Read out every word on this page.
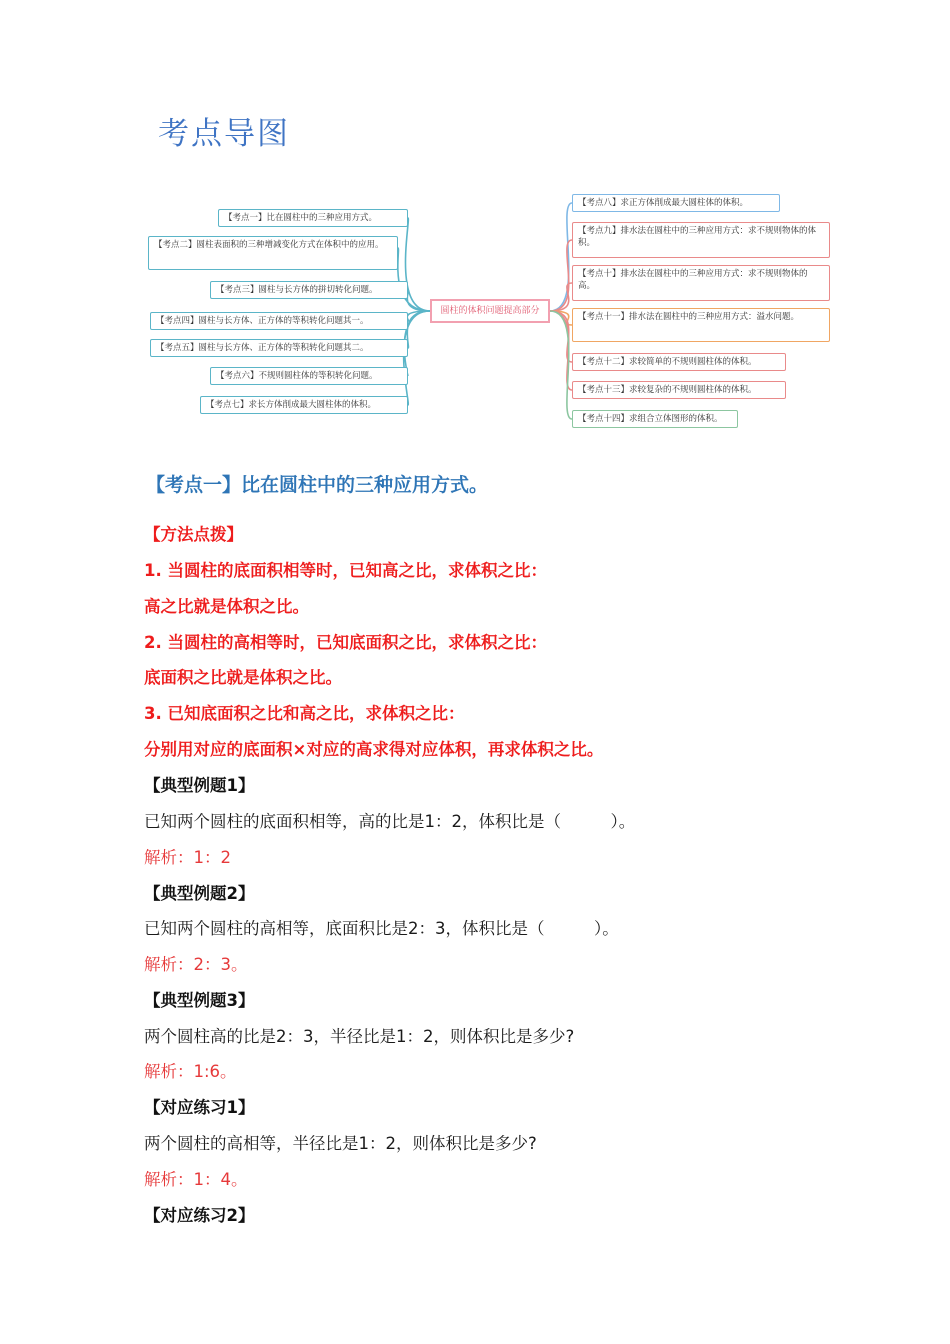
考点导图
圆柱的体积问题提高部分
【考点一】比在圆柱中的三种应用方式。
【考点二】圆柱表面积的三种增减变化方式在体积中的应用。
【考点三】圆柱与长方体的拼切转化问题。
【考点四】圆柱与长方体、正方体的等积转化问题其一。
【考点五】圆柱与长方体、正方体的等积转化问题其二。
【考点六】不规则圆柱体的等积转化问题。
【考点七】求长方体削成最大圆柱体的体积。
【考点八】求正方体削成最大圆柱体的体积。
【考点九】排水法在圆柱中的三种应用方式：求不规则物体的体积。
【考点十】排水法在圆柱中的三种应用方式：求不规则物体的高。
【考点十一】排水法在圆柱中的三种应用方式：溢水问题。
【考点十二】求较简单的不规则圆柱体的体积。
【考点十三】求较复杂的不规则圆柱体的体积。
【考点十四】求组合立体图形的体积。
【考点一】比在圆柱中的三种应用方式。
【方法点拨】
1. 当圆柱的底面积相等时，已知高之比，求体积之比：
高之比就是体积之比。
2. 当圆柱的高相等时，已知底面积之比，求体积之比：
底面积之比就是体积之比。
3. 已知底面积之比和高之比，求体积之比：
分别用对应的底面积×对应的高求得对应体积，再求体积之比。
【典型例题1】
已知两个圆柱的底面积相等，高的比是1：2，体积比是（　　　）。
解析：1：2
【典型例题2】
已知两个圆柱的高相等，底面积比是2：3，体积比是（　　　）。
解析：2：3。
【典型例题3】
两个圆柱高的比是2：3，半径比是1：2，则体积比是多少?
解析：1:6。
【对应练习1】
两个圆柱的高相等，半径比是1：2，则体积比是多少?
解析：1：4。
【对应练习2】
